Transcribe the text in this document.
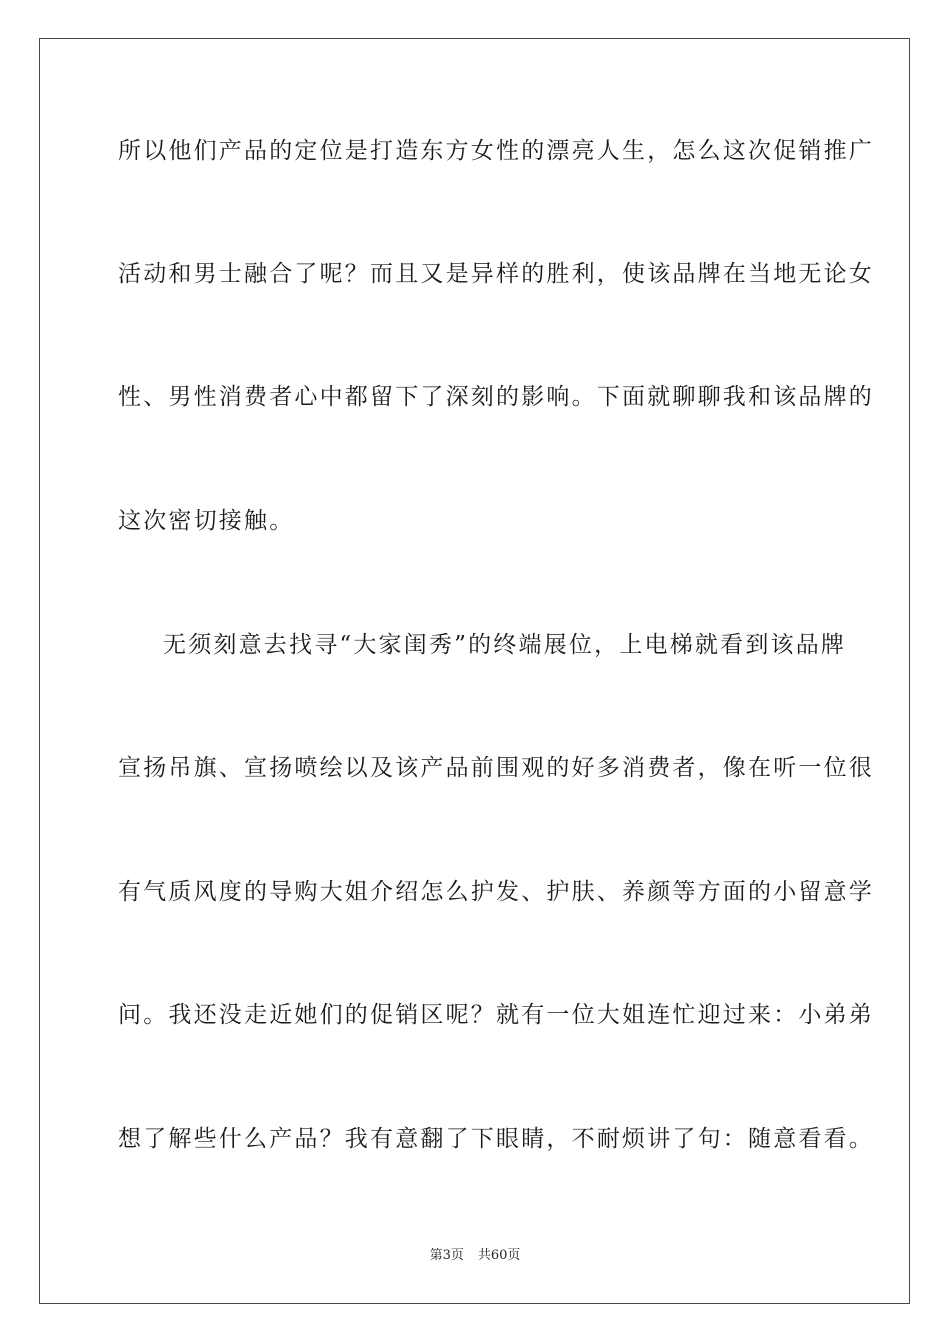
所以他们产品的定位是打造东方女性的漂亮人生，怎么这次促销推广
活动和男士融合了呢？而且又是异样的胜利，使该品牌在当地无论女
性、男性消费者心中都留下了深刻的影响。下面就聊聊我和该品牌的
这次密切接触。
无须刻意去找寻“大家闺秀”的终端展位，上电梯就看到该品牌
宣扬吊旗、宣扬喷绘以及该产品前围观的好多消费者，像在听一位很
有气质风度的导购大姐介绍怎么护发、护肤、养颜等方面的小留意学
问。我还没走近她们的促销区呢？就有一位大姐连忙迎过来：小弟弟
想了解些什么产品？我有意翻了下眼睛，不耐烦讲了句：随意看看。
第3页 共60页
